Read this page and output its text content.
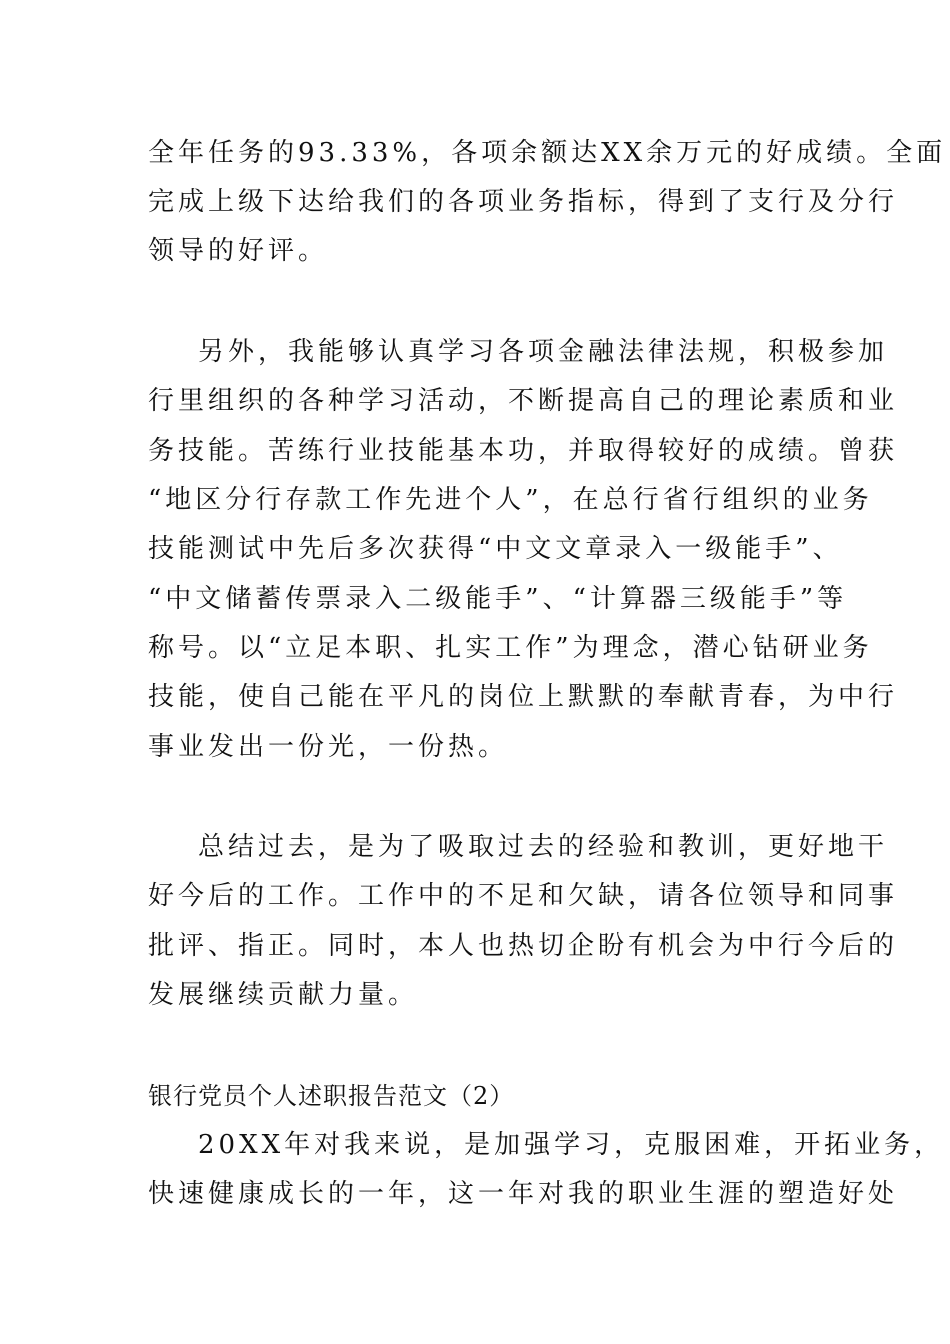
全年任务的93.33%，各项余额达XX余万元的好成绩。全面
完成上级下达给我们的各项业务指标，得到了支行及分行
领导的好评。
另外，我能够认真学习各项金融法律法规，积极参加
行里组织的各种学习活动，不断提高自己的理论素质和业
务技能。苦练行业技能基本功，并取得较好的成绩。曾获
“地区分行存款工作先进个人”，在总行省行组织的业务
技能测试中先后多次获得“中文文章录入一级能手”、
“中文储蓄传票录入二级能手”、“计算器三级能手”等
称号。以“立足本职、扎实工作”为理念，潜心钻研业务
技能，使自己能在平凡的岗位上默默的奉献青春，为中行
事业发出一份光，一份热。
总结过去，是为了吸取过去的经验和教训，更好地干
好今后的工作。工作中的不足和欠缺，请各位领导和同事
批评、指正。同时，本人也热切企盼有机会为中行今后的
发展继续贡献力量。
银行党员个人述职报告范文（2）
20XX年对我来说，是加强学习，克服困难，开拓业务，
快速健康成长的一年，这一年对我的职业生涯的塑造好处
